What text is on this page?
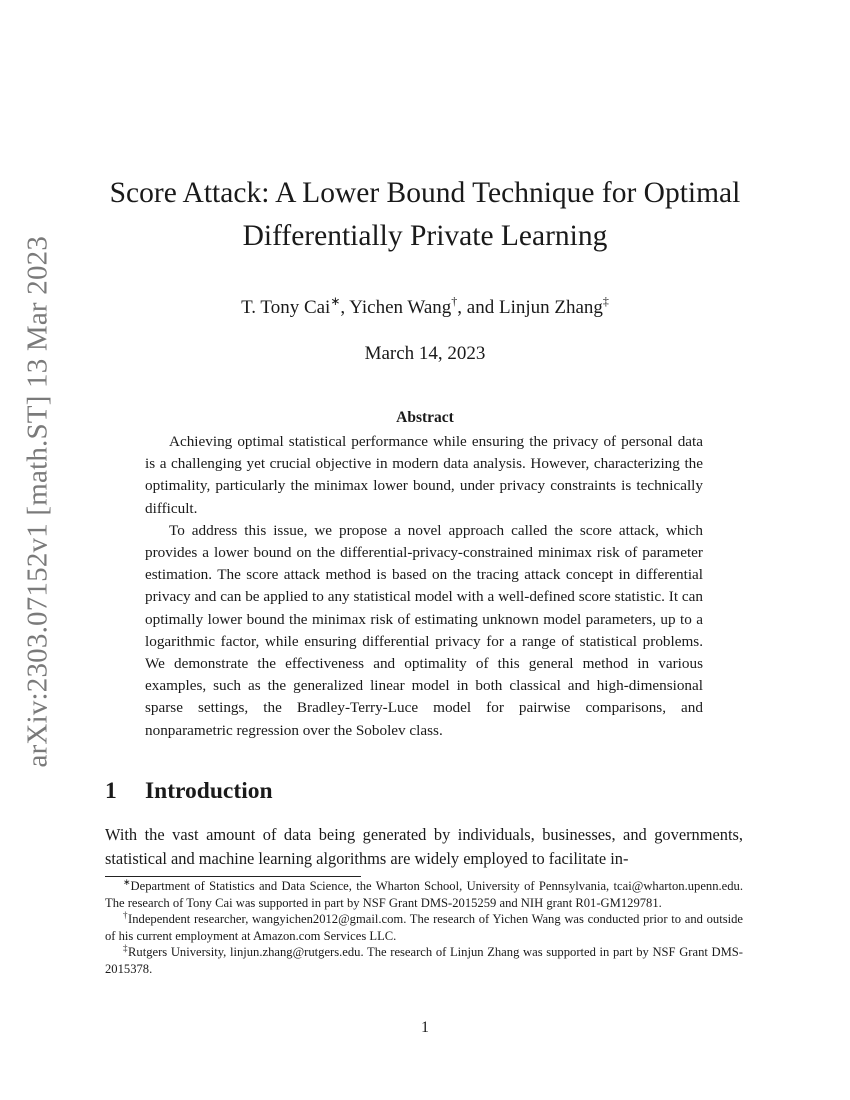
arXiv:2303.07152v1 [math.ST] 13 Mar 2023
Score Attack: A Lower Bound Technique for Optimal
Differentially Private Learning
T. Tony Cai∗, Yichen Wang†, and Linjun Zhang‡
March 14, 2023
Abstract

Achieving optimal statistical performance while ensuring the privacy of personal data is a challenging yet crucial objective in modern data analysis. However, characterizing the optimality, particularly the minimax lower bound, under privacy constraints is technically difficult.

To address this issue, we propose a novel approach called the score attack, which provides a lower bound on the differential-privacy-constrained minimax risk of parameter estimation. The score attack method is based on the tracing attack concept in differential privacy and can be applied to any statistical model with a well-defined score statistic. It can optimally lower bound the minimax risk of estimating unknown model parameters, up to a logarithmic factor, while ensuring differential privacy for a range of statistical problems. We demonstrate the effectiveness and optimality of this general method in various examples, such as the generalized linear model in both classical and high-dimensional sparse settings, the Bradley-Terry-Luce model for pairwise comparisons, and nonparametric regression over the Sobolev class.

1 Introduction

With the vast amount of data being generated by individuals, businesses, and governments, statistical and machine learning algorithms are widely employed to facilitate in-

∗Department of Statistics and Data Science, the Wharton School, University of Pennsylvania, tcai@wharton.upenn.edu. The research of Tony Cai was supported in part by NSF Grant DMS-2015259 and NIH grant R01-GM129781.

†Independent researcher, wangyichen2012@gmail.com. The research of Yichen Wang was conducted prior to and outside of his current employment at Amazon.com Services LLC.

‡Rutgers University, linjun.zhang@rutgers.edu. The research of Linjun Zhang was supported in part by NSF Grant DMS-2015378.

1
